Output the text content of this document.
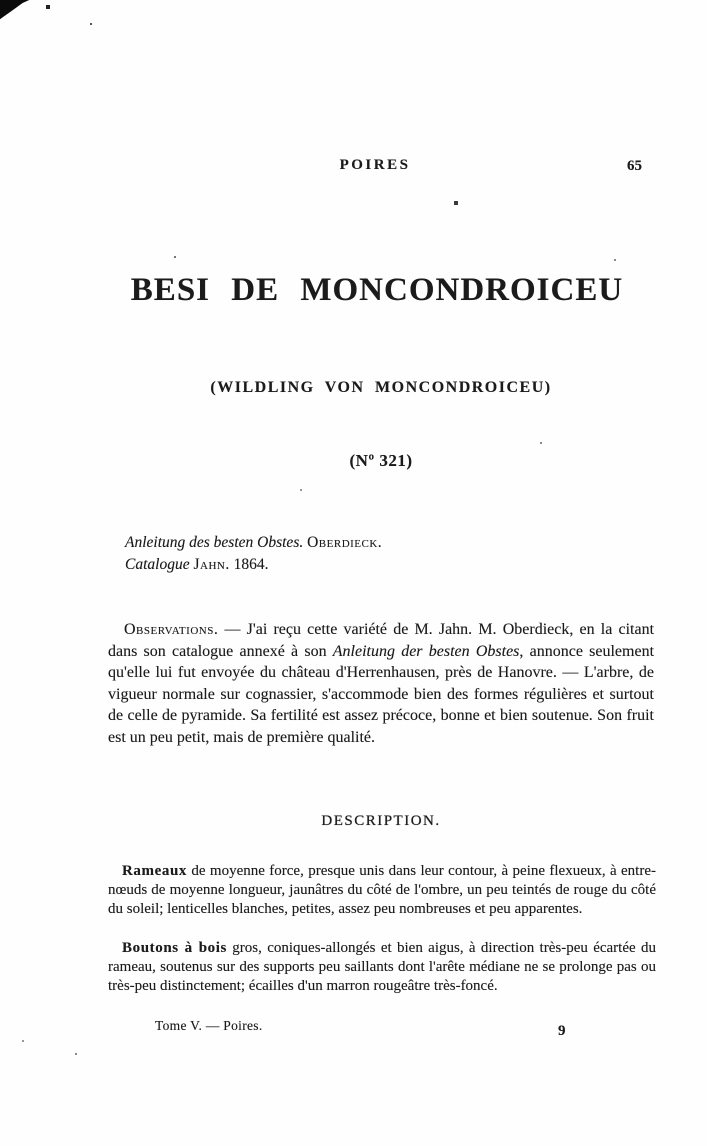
POIRES	65
BESI DE MONCONDROICEU
(WILDLING VON MONCONDROICEU)
(Nº 321)
Anleitung des besten Obstes. Oberdieck.
Catalogue Jahn. 1864.

Observations. — J'ai reçu cette variété de M. Jahn. M. Oberdieck, en la citant dans son catalogue annexé à son Anleitung der besten Obstes, annonce seulement qu'elle lui fut envoyée du château d'Herrenhausen, près de Hanovre. — L'arbre, de vigueur normale sur cognassier, s'accommode bien des formes régulières et surtout de celle de pyramide. Sa fertilité est assez précoce, bonne et bien soutenue. Son fruit est un peu petit, mais de première qualité.

DESCRIPTION.

Rameaux de moyenne force, presque unis dans leur contour, à peine flexueux, à entre-nœuds de moyenne longueur, jaunâtres du côté de l'ombre, un peu teintés de rouge du côté du soleil; lenticelles blanches, petites, assez peu nombreuses et peu apparentes.

Boutons à bois gros, coniques-allongés et bien aigus, à direction très-peu écartée du rameau, soutenus sur des supports peu saillants dont l'arête médiane ne se prolonge pas ou très-peu distinctement; écailles d'un marron rougeâtre très-foncé.

Tome V. — Poires.	9
